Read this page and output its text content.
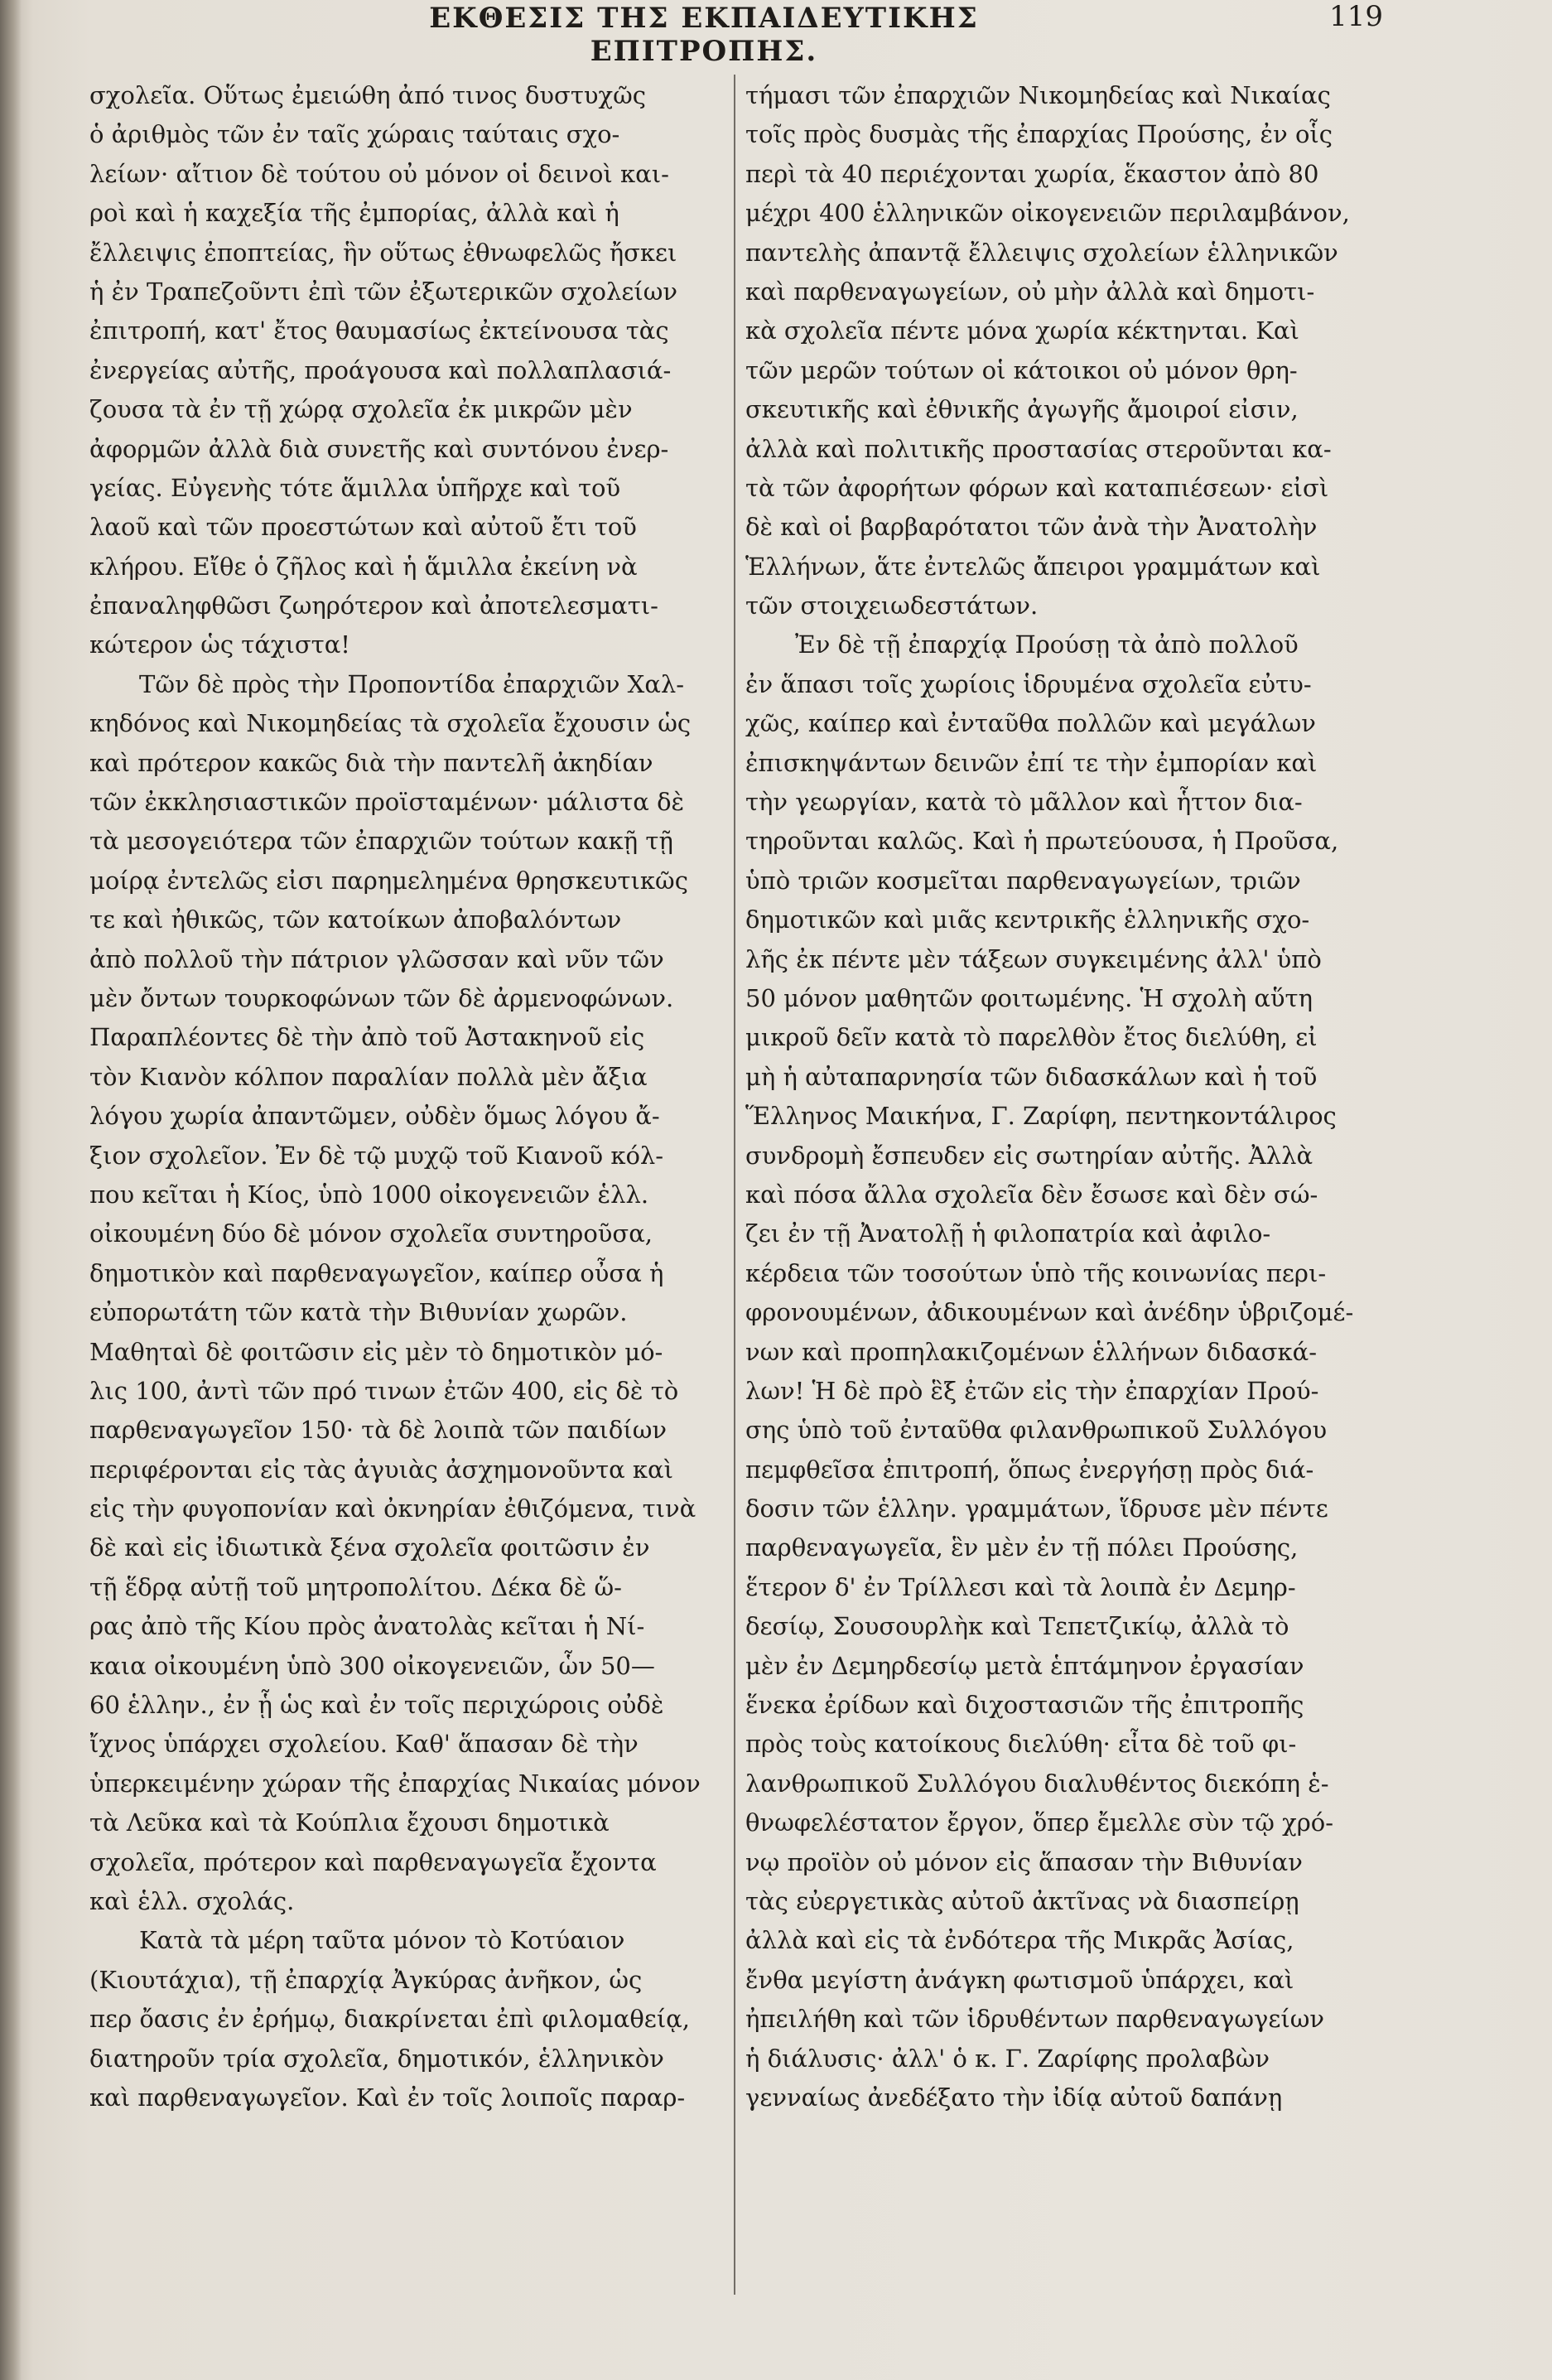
ΕΚΘΕΣΙΣ ΤΗΣ ΕΚΠΑΙΔΕΥΤΙΚΗΣ ΕΠΙΤΡΟΠΗΣ.
119
σχολεῖα. Οὕτως ἐμειώθη ἀπό τινος δυστυχῶς
ὁ ἀριθμὸς τῶν ἐν ταῖς χώραις ταύταις σχο-
λείων· αἴτιον δὲ τούτου οὐ μόνον οἱ δεινοὶ και-
ροὶ καὶ ἡ καχεξία τῆς ἐμπορίας, ἀλλὰ καὶ ἡ
ἔλλειψις ἐποπτείας, ἣν οὕτως ἐθνωφελῶς ἤσκει
ἡ ἐν Τραπεζοῦντι ἐπὶ τῶν ἐξωτερικῶν σχολείων
ἐπιτροπή, κατ' ἔτος θαυμασίως ἐκτείνουσα τὰς
ἐνεργείας αὐτῆς, προάγουσα καὶ πολλαπλασιά-
ζουσα τὰ ἐν τῇ χώρᾳ σχολεῖα ἐκ μικρῶν μὲν
ἀφορμῶν ἀλλὰ διὰ συνετῆς καὶ συντόνου ἐνερ-
γείας. Εὐγενὴς τότε ἅμιλλα ὑπῆρχε καὶ τοῦ
λαοῦ καὶ τῶν προεστώτων καὶ αὐτοῦ ἔτι τοῦ
κλήρου. Εἴθε ὁ ζῆλος καὶ ἡ ἅμιλλα ἐκείνη νὰ
ἐπαναληφθῶσι ζωηρότερον καὶ ἀποτελεσματι-
κώτερον ὡς τάχιστα!
Τῶν δὲ πρὸς τὴν Προποντίδα ἐπαρχιῶν Χαλ-
κηδόνος καὶ Νικομηδείας τὰ σχολεῖα ἔχουσιν ὡς
καὶ πρότερον κακῶς διὰ τὴν παντελῆ ἀκηδίαν
τῶν ἐκκλησιαστικῶν προϊσταμένων· μάλιστα δὲ
τὰ μεσογειότερα τῶν ἐπαρχιῶν τούτων κακῇ τῇ
μοίρᾳ ἐντελῶς εἰσι παρημελημένα θρησκευτικῶς
τε καὶ ἠθικῶς, τῶν κατοίκων ἀποβαλόντων
ἀπὸ πολλοῦ τὴν πάτριον γλῶσσαν καὶ νῦν τῶν
μὲν ὄντων τουρκοφώνων τῶν δὲ ἀρμενοφώνων.
Παραπλέοντες δὲ τὴν ἀπὸ τοῦ Ἀστακηνοῦ εἰς
τὸν Κιανὸν κόλπον παραλίαν πολλὰ μὲν ἄξια
λόγου χωρία ἀπαντῶμεν, οὐδὲν ὅμως λόγου ἄ-
ξιον σχολεῖον. Ἐν δὲ τῷ μυχῷ τοῦ Κιανοῦ κόλ-
που κεῖται ἡ Κίος, ὑπὸ 1000 οἰκογενειῶν ἑλλ.
οἰκουμένη δύο δὲ μόνον σχολεῖα συντηροῦσα,
δημοτικὸν καὶ παρθεναγωγεῖον, καίπερ οὖσα ἡ
εὐπορωτάτη τῶν κατὰ τὴν Βιθυνίαν χωρῶν.
Μαθηταὶ δὲ φοιτῶσιν εἰς μὲν τὸ δημοτικὸν μό-
λις 100, ἀντὶ τῶν πρό τινων ἐτῶν 400, εἰς δὲ τὸ
παρθεναγωγεῖον 150· τὰ δὲ λοιπὰ τῶν παιδίων
περιφέρονται εἰς τὰς ἀγυιὰς ἀσχημονοῦντα καὶ
εἰς τὴν φυγοπονίαν καὶ ὀκνηρίαν ἐθιζόμενα, τινὰ
δὲ καὶ εἰς ἰδιωτικὰ ξένα σχολεῖα φοιτῶσιν ἐν
τῇ ἕδρᾳ αὐτῇ τοῦ μητροπολίτου. Δέκα δὲ ὥ-
ρας ἀπὸ τῆς Κίου πρὸς ἀνατολὰς κεῖται ἡ Νί-
καια οἰκουμένη ὑπὸ 300 οἰκογενειῶν, ὧν 50—
60 ἑλλην., ἐν ᾗ ὡς καὶ ἐν τοῖς περιχώροις οὐδὲ
ἴχνος ὑπάρχει σχολείου. Καθ' ἅπασαν δὲ τὴν
ὑπερκειμένην χώραν τῆς ἐπαρχίας Νικαίας μόνον
τὰ Λεῦκα καὶ τὰ Κούπλια ἔχουσι δημοτικὰ
σχολεῖα, πρότερον καὶ παρθεναγωγεῖα ἔχοντα
καὶ ἑλλ. σχολάς.
Κατὰ τὰ μέρη ταῦτα μόνον τὸ Κοτύαιον
(Κιουτάχια), τῇ ἐπαρχίᾳ Ἀγκύρας ἀνῆκον, ὡς
περ ὄασις ἐν ἐρήμῳ, διακρίνεται ἐπὶ φιλομαθείᾳ,
διατηροῦν τρία σχολεῖα, δημοτικόν, ἑλληνικὸν
καὶ παρθεναγωγεῖον. Καὶ ἐν τοῖς λοιποῖς παραρ-
τήμασι τῶν ἐπαρχιῶν Νικομηδείας καὶ Νικαίας
τοῖς πρὸς δυσμὰς τῆς ἐπαρχίας Προύσης, ἐν οἷς
περὶ τὰ 40 περιέχονται χωρία, ἕκαστον ἀπὸ 80
μέχρι 400 ἑλληνικῶν οἰκογενειῶν περιλαμβάνον,
παντελὴς ἀπαντᾷ ἔλλειψις σχολείων ἑλληνικῶν
καὶ παρθεναγωγείων, οὐ μὴν ἀλλὰ καὶ δημοτι-
κὰ σχολεῖα πέντε μόνα χωρία κέκτηνται. Καὶ
τῶν μερῶν τούτων οἱ κάτοικοι οὐ μόνον θρη-
σκευτικῆς καὶ ἐθνικῆς ἀγωγῆς ἄμοιροί εἰσιν,
ἀλλὰ καὶ πολιτικῆς προστασίας στεροῦνται κα-
τὰ τῶν ἀφορήτων φόρων καὶ καταπιέσεων· εἰσὶ
δὲ καὶ οἱ βαρβαρότατοι τῶν ἀνὰ τὴν Ἀνατολὴν
Ἑλλήνων, ἅτε ἐντελῶς ἄπειροι γραμμάτων καὶ
τῶν στοιχειωδεστάτων.
Ἐν δὲ τῇ ἐπαρχίᾳ Προύσῃ τὰ ἀπὸ πολλοῦ
ἐν ἅπασι τοῖς χωρίοις ἱδρυμένα σχολεῖα εὐτυ-
χῶς, καίπερ καὶ ἐνταῦθα πολλῶν καὶ μεγάλων
ἐπισκηψάντων δεινῶν ἐπί τε τὴν ἐμπορίαν καὶ
τὴν γεωργίαν, κατὰ τὸ μᾶλλον καὶ ἧττον δια-
τηροῦνται καλῶς. Καὶ ἡ πρωτεύουσα, ἡ Προῦσα,
ὑπὸ τριῶν κοσμεῖται παρθεναγωγείων, τριῶν
δημοτικῶν καὶ μιᾶς κεντρικῆς ἑλληνικῆς σχο-
λῆς ἐκ πέντε μὲν τάξεων συγκειμένης ἀλλ' ὑπὸ
50 μόνον μαθητῶν φοιτωμένης. Ἡ σχολὴ αὕτη
μικροῦ δεῖν κατὰ τὸ παρελθὸν ἔτος διελύθη, εἰ
μὴ ἡ αὐταπαρνησία τῶν διδασκάλων καὶ ἡ τοῦ
Ἕλληνος Μαικήνα, Γ. Ζαρίφη, πεντηκοντάλιρος
συνδρομὴ ἔσπευδεν εἰς σωτηρίαν αὐτῆς. Ἀλλὰ
καὶ πόσα ἄλλα σχολεῖα δὲν ἔσωσε καὶ δὲν σώ-
ζει ἐν τῇ Ἀνατολῇ ἡ φιλοπατρία καὶ ἀφιλο-
κέρδεια τῶν τοσούτων ὑπὸ τῆς κοινωνίας περι-
φρονουμένων, ἀδικουμένων καὶ ἀνέδην ὑβριζομέ-
νων καὶ προπηλακιζομένων ἑλλήνων διδασκά-
λων! Ἡ δὲ πρὸ ἓξ ἐτῶν εἰς τὴν ἐπαρχίαν Πρού-
σης ὑπὸ τοῦ ἐνταῦθα φιλανθρωπικοῦ Συλλόγου
πεμφθεῖσα ἐπιτροπή, ὅπως ἐνεργήσῃ πρὸς διά-
δοσιν τῶν ἑλλην. γραμμάτων, ἵδρυσε μὲν πέντε
παρθεναγωγεῖα, ἓν μὲν ἐν τῇ πόλει Προύσης,
ἕτερον δ' ἐν Τρίλλεσι καὶ τὰ λοιπὰ ἐν Δεμηρ-
δεσίῳ, Σουσουρλὴκ καὶ Τεπετζικίῳ, ἀλλὰ τὸ
μὲν ἐν Δεμηρδεσίῳ μετὰ ἑπτάμηνον ἐργασίαν
ἕνεκα ἐρίδων καὶ διχοστασιῶν τῆς ἐπιτροπῆς
πρὸς τοὺς κατοίκους διελύθη· εἶτα δὲ τοῦ φι-
λανθρωπικοῦ Συλλόγου διαλυθέντος διεκόπη ἑ-
θνωφελέστατον ἔργον, ὅπερ ἔμελλε σὺν τῷ χρό-
νῳ προϊὸν οὐ μόνον εἰς ἅπασαν τὴν Βιθυνίαν
τὰς εὐεργετικὰς αὐτοῦ ἀκτῖνας νὰ διασπείρῃ
ἀλλὰ καὶ εἰς τὰ ἐνδότερα τῆς Μικρᾶς Ἀσίας,
ἔνθα μεγίστη ἀνάγκη φωτισμοῦ ὑπάρχει, καὶ
ἠπειλήθη καὶ τῶν ἱδρυθέντων παρθεναγωγείων
ἡ διάλυσις· ἀλλ' ὁ κ. Γ. Ζαρίφης προλαβὼν
γενναίως ἀνεδέξατο τὴν ἰδίᾳ αὐτοῦ δαπάνῃ
